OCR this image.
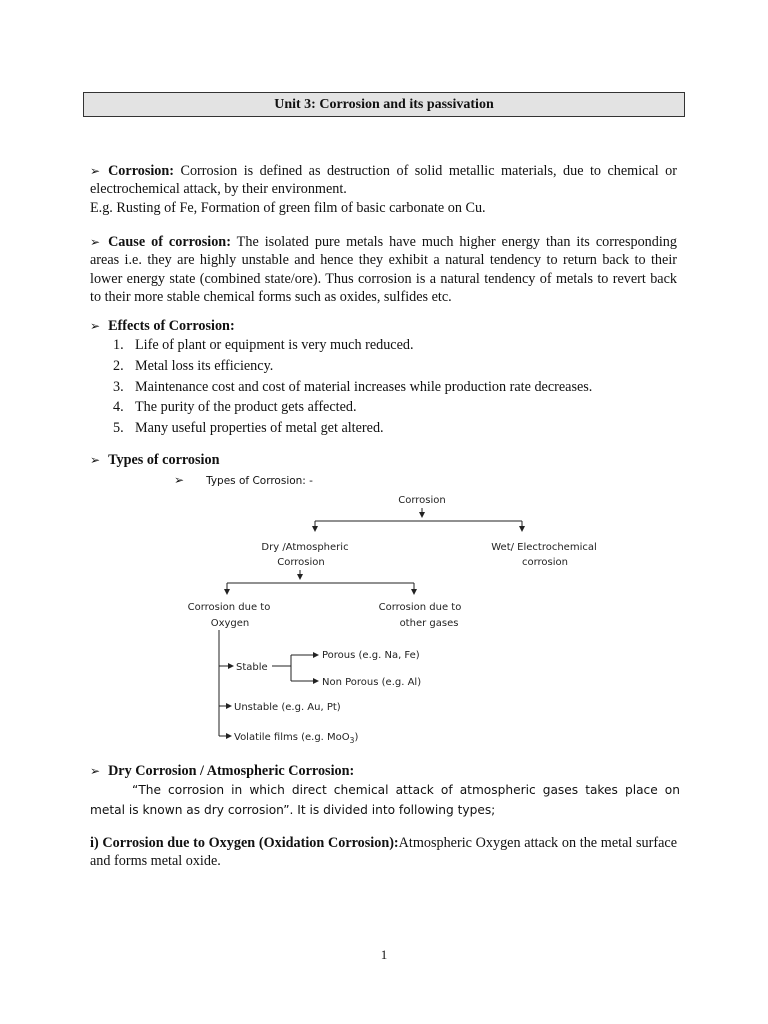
Unit 3: Corrosion and its passivation

➢ Corrosion: Corrosion is defined as destruction of solid metallic materials, due to chemical or electrochemical attack, by their environment.
E.g. Rusting of Fe, Formation of green film of basic carbonate on Cu.

➢ Cause of corrosion: The isolated pure metals have much higher energy than its corresponding areas i.e. they are highly unstable and hence they exhibit a natural tendency to return back to their lower energy state (combined state/ore). Thus corrosion is a natural tendency of metals to revert back to their more stable chemical forms such as oxides, sulfides etc.

➢ Effects of Corrosion:

1. Life of plant or equipment is very much reduced.
2. Metal loss its efficiency.
3. Maintenance cost and cost of material increases while production rate decreases.
4. The purity of the product gets affected.
5. Many useful properties of metal get altered.

➢ Types of corrosion

➢ Types of Corrosion: -
Corrosion
Dry /Atmospheric
Corrosion
Wet/ Electrochemical
corrosion
Corrosion due to
Oxygen
Corrosion due to
other gases
Stable
Porous (e.g. Na, Fe)
Non Porous (e.g. Al)
Unstable (e.g. Au, Pt)
Volatile films (e.g. MoO$_3$)

➢ Dry Corrosion / Atmospheric Corrosion:

“The corrosion in which direct chemical attack of atmospheric gases takes place on metal is known as dry corrosion”. It is divided into following types;

i) Corrosion due to Oxygen (Oxidation Corrosion):Atmospheric Oxygen attack on the metal surface and forms metal oxide.

1
